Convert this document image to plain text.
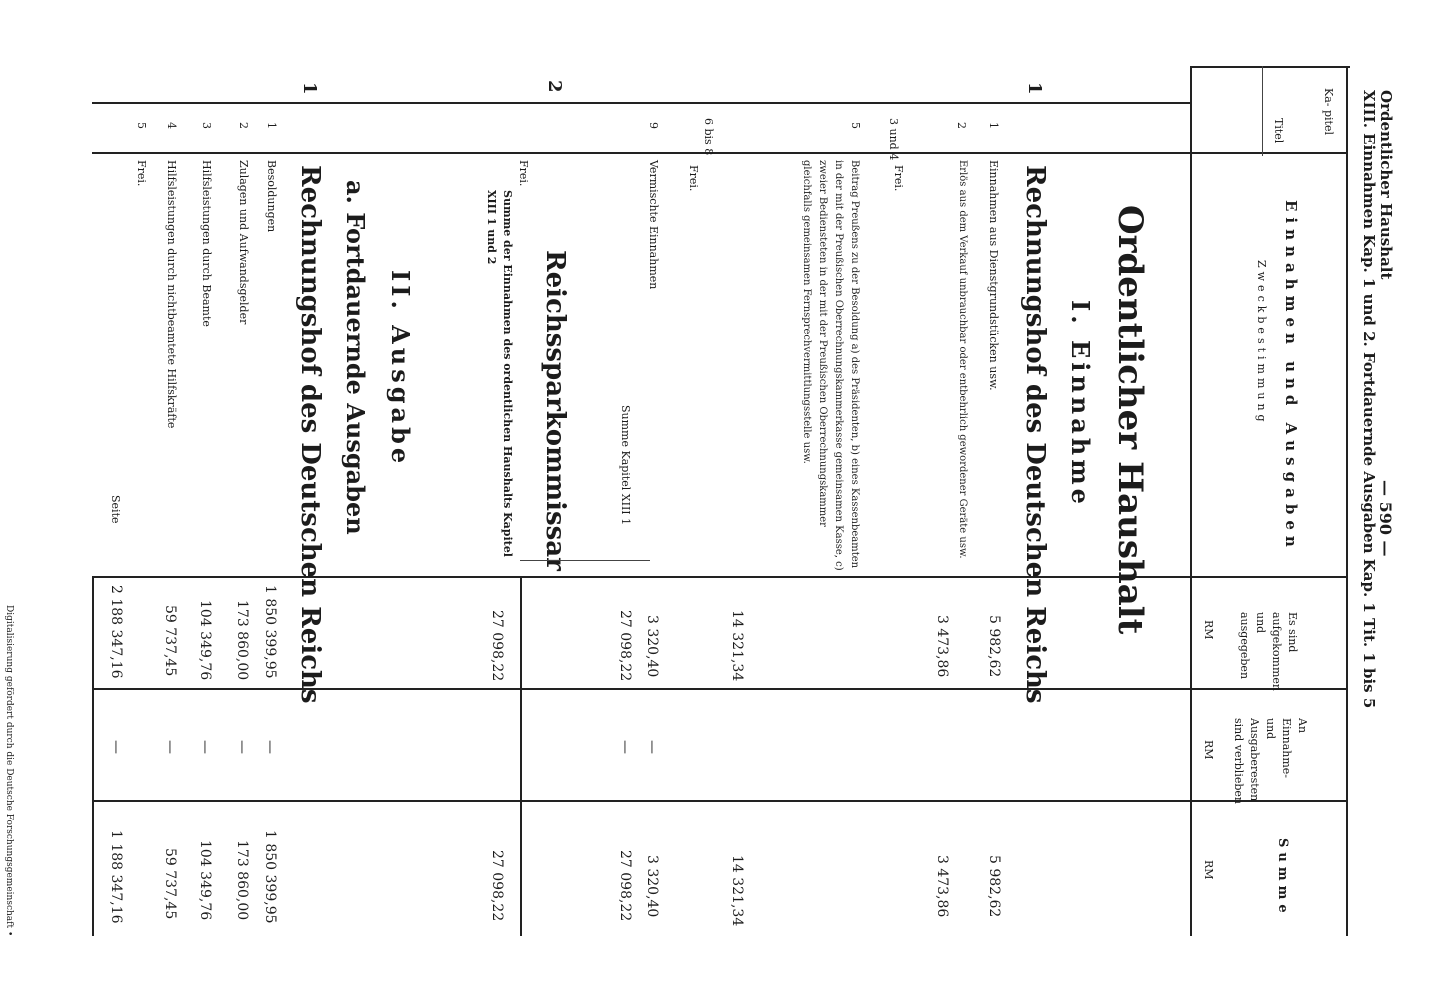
Ordentlicher Haushalt
— 590 —
XIII. Einnahmen Kap. 1 und 2. Fortdauernde Ausgaben Kap. 1 Tit. 1 bis 5
Ka- pitel
Titel
Einnahmen und Ausgaben
Zweckbestimmung
Es sind
aufgekommen
und
ausgegeben
An
Einnahme-
und
Ausgaberesten
sind verblieben
Summe
RM
RM
RM
Ordentlicher Haushalt
I. Einnahme
Rechnungshof des Deutschen Reichs
Reichssparkommissar
II. Ausgabe
a. Fortdauernde Ausgaben
Rechnungshof des Deutschen Reichs
1
1
Einnahmen aus Dienstgrundstücken usw.
5 982,62
5 982,62
2
Erlös aus dem Verkauf unbrauchbar oder entbehrlich gewordener Geräte usw.
3 473,86
3 473,86
3 und 4
Frei.
5
Beitrag Preußens zu der Besoldung a) des Präsidenten, b) eines Kassenbeamten in der mit der Preußischen Oberrechnungskammerkasse gemeinsamen Kasse, c) zweier Bediensteten in der mit der Preußischen Oberrechnungskammer gleichfalls gemeinsamen Fernsprechvermittlungsstelle usw.
14 321,34
14 321,34
6 bis 8
Frei.
9
Vermischte Einnahmen
3 320,40
—
3 320,40
Summe Kapitel XIII 1
27 098,22
—
27 098,22
2
Frei.
Summe der Einnahmen des ordentlichen Haushalts Kapitel XIII 1 und 2
27 098,22
27 098,22
1
1
Besoldungen
1 850 399,95
—
1 850 399,95
2
Zulagen und Aufwandsgelder
173 860,00
—
173 860,00
3
Hilfsleistungen durch Beamte
104 349,76
—
104 349,76
4
Hilfsleistungen durch nichtbeamtete Hilfskräfte
59 737,45
—
59 737,45
5
Frei.
Seite
2 188 347,16
—
1 188 347,16
Digitalisierung gefördert durch die Deutsche Forschungsgemeinschaft •
